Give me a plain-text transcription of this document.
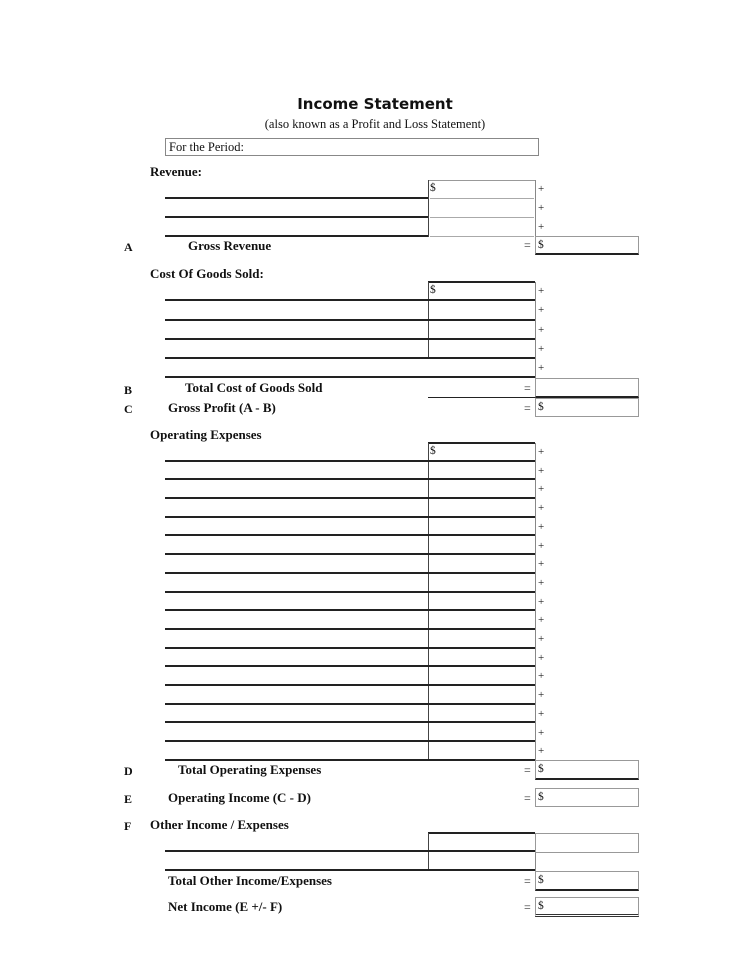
Income Statement
(also known as a Profit and Loss Statement)
For the Period:
Revenue:
$	+
+
+
A	Gross Revenue	= $
Cost Of Goods Sold:
$	+
+
+
+
+
B	Total Cost of Goods Sold	=
C	Gross Profit (A - B)	= $
Operating Expenses
$	+
+
+
+
+
+
+
+
+
+
+
+
+
+
+
+
+
D	Total Operating Expenses	= $
E	Operating Income (C - D)	= $
F Other Income / Expenses
Total Other Income/Expenses	= $
Net Income (E +/- F)	= $
